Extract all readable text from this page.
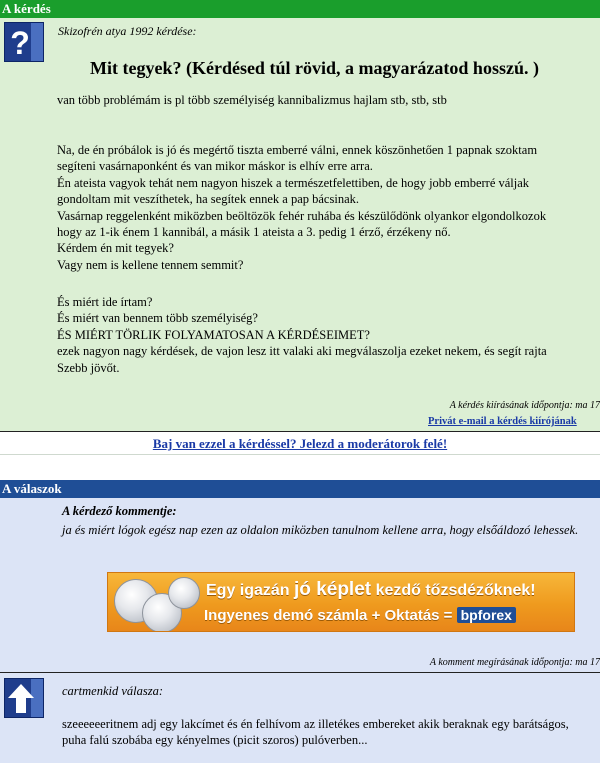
A kérdés
? Skizofrén atya 1992 kérdése:
Mit tegyek? (Kérdésed túl rövid, a magyarázatod hosszú. )
van több problémám is pl több személyiség kannibalizmus hajlam stb, stb, stb
Na, de én próbálok is jó és megértő tiszta emberré válni, ennek köszönhetően 1 papnak szoktam
segíteni vasárnaponként és van mikor máskor is elhív erre arra.
Én ateista vagyok tehát nem nagyon hiszek a természetfelettiben, de hogy jobb emberré váljak
gondoltam mit veszíthetek, ha segítek ennek a pap bácsinak.
Vasárnap reggelenként miközben beöltözök fehér ruhába és készülődönk olyankor elgondolkozok
hogy az 1-ik énem 1 kannibál, a másik 1 ateista a 3. pedig 1 érző, érzékeny nő.
Kérdem én mit tegyek?
Vagy nem is kellene tennem semmit?
És miért ide írtam?
És miért van bennem több személyiség?
ÉS MIÉRT TÖRLIK FOLYAMATOSAN A KÉRDÉSEIMET?
ezek nagyon nagy kérdések, de vajon lesz itt valaki aki megválaszolja ezeket nekem, és segít rajta
Szebb jövőt.
A kérdés kiírásának időpontja: ma 17
Privát e-mail a kérdés kiírójának
Baj van ezzel a kérdéssel? Jelezd a moderátorok felé!
A válaszok
A kérdező kommentje:
ja és miért lógok egész nap ezen az oldalon miközben tanulnom kellene arra, hogy elsőáldozó lehessek.
Egy igazán jó képlet kezdő tőzsdézőknek!
Ingyenes demó számla + Oktatás = bpforex
A komment megírásának időpontja: ma 17
cartmenkid válasza:
szeeeeeeritnem adj egy lakcímet és én felhívom az illetékes embereket akik beraknak egy barátságos, puha falú szobába egy kényelmes (picit szoros) pulóverben...
